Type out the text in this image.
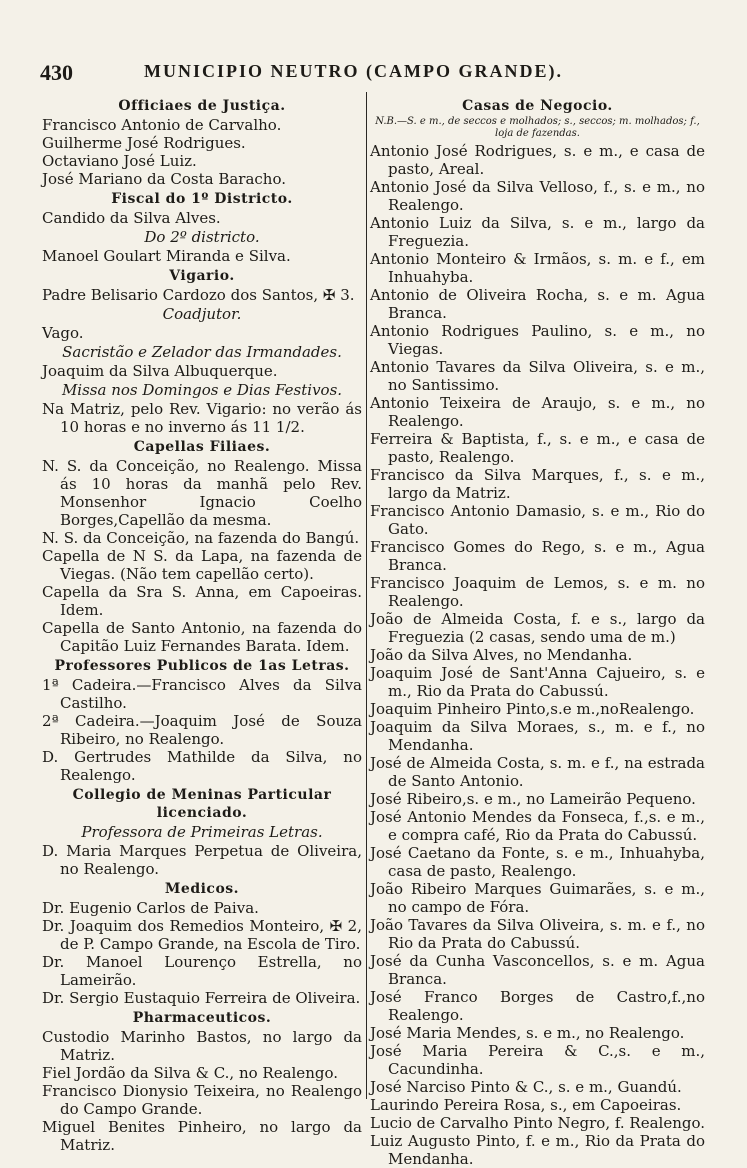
430	MUNICIPIO NEUTRO (CAMPO GRANDE).
Officiaes de Justiça.
Francisco Antonio de Carvalho.
Guilherme José Rodrigues.
Octaviano José Luiz.
José Mariano da Costa Baracho.
Fiscal do 1º Districto.
Candido da Silva Alves.
Do 2º districto.
Manoel Goulart Miranda e Silva.
Vigario.
Padre Belisario Cardozo dos Santos, ✠ 3.
Coadjutor.
Vago.
Sacristão e Zelador das Irmandades.
Joaquim da Silva Albuquerque.
Missa nos Domingos e Dias Festivos.
Na Matriz, pelo Rev. Vigario: no verão ás 10 horas e no inverno ás 11 1/2.
Capellas Filiaes.
N. S. da Conceição, no Realengo. Missa ás 10 horas da manhã pelo Rev. Monsenhor Ignacio Coelho Borges,Capellão da mesma.
N. S. da Conceição, na fazenda do Bangú.
Capella de N S. da Lapa, na fazenda de Viegas. (Não tem capellão certo).
Capella da Sra S. Anna, em Capoeiras. Idem.
Capella de Santo Antonio, na fazenda do Capitão Luiz Fernandes Barata. Idem.
Professores Publicos de 1as Letras.
1ª Cadeira.—Francisco Alves da Silva Castilho.
2ª Cadeira.—Joaquim José de Souza Ribeiro, no Realengo.
D. Gertrudes Mathilde da Silva, no Realengo.
Collegio de Meninas Particular licenciado.
Professora de Primeiras Letras.
D. Maria Marques Perpetua de Oliveira, no Realengo.
Medicos.
Dr. Eugenio Carlos de Paiva.
Dr. Joaquim dos Remedios Monteiro, ✠ 2, de P. Campo Grande, na Escola de Tiro.
Dr. Manoel Lourenço Estrella, no Lameirão.
Dr. Sergio Eustaquio Ferreira de Oliveira.
Pharmaceuticos.
Custodio Marinho Bastos, no largo da Matriz.
Fiel Jordão da Silva & C., no Realengo.
Francisco Dionysio Teixeira, no Realengo do Campo Grande.
Miguel Benites Pinheiro, no largo da Matriz.
Casas de Negocio.
N.B.—S. e m., de seccos e molhados; s., seccos; m. molhados; f., loja de fazendas.
Antonio José Rodrigues, s. e m., e casa de pasto, Areal.
Antonio José da Silva Velloso, f., s. e m., no Realengo.
Antonio Luiz da Silva, s. e m., largo da Freguezia.
Antonio Monteiro & Irmãos, s. m. e f., em Inhuahyba.
Antonio de Oliveira Rocha, s. e m. Agua Branca.
Antonio Rodrigues Paulino, s. e m., no Viegas.
Antonio Tavares da Silva Oliveira, s. e m., no Santissimo.
Antonio Teixeira de Araujo, s. e m., no Realengo.
Ferreira & Baptista, f., s. e m., e casa de pasto, Realengo.
Francisco da Silva Marques, f., s. e m., largo da Matriz.
Francisco Antonio Damasio, s. e m., Rio do Gato.
Francisco Gomes do Rego, s. e m., Agua Branca.
Francisco Joaquim de Lemos, s. e m. no Realengo.
João de Almeida Costa, f. e s., largo da Freguezia (2 casas, sendo uma de m.)
João da Silva Alves, no Mendanha.
Joaquim José de Sant'Anna Cajueiro, s. e m., Rio da Prata do Cabussú.
Joaquim Pinheiro Pinto,s.e m.,noRealengo.
Joaquim da Silva Moraes, s., m. e f., no Mendanha.
José de Almeida Costa, s. m. e f., na estrada de Santo Antonio.
José Ribeiro,s. e m., no Lameirão Pequeno.
José Antonio Mendes da Fonseca, f.,s. e m., e compra café, Rio da Prata do Cabussú.
José Caetano da Fonte, s. e m., Inhuahyba, casa de pasto, Realengo.
João Ribeiro Marques Guimarães, s. e m., no campo de Fóra.
João Tavares da Silva Oliveira, s. m. e f., no Rio da Prata do Cabussú.
José da Cunha Vasconcellos, s. e m. Agua Branca.
José Franco Borges de Castro,f.,no Realengo.
José Maria Mendes, s. e m., no Realengo.
José Maria Pereira & C.,s. e m., Cacundinha.
José Narciso Pinto & C., s. e m., Guandú.
Laurindo Pereira Rosa, s., em Capoeiras.
Lucio de Carvalho Pinto Negro, f. Realengo.
Luiz Augusto Pinto, f. e m., Rio da Prata do Mendanha.
